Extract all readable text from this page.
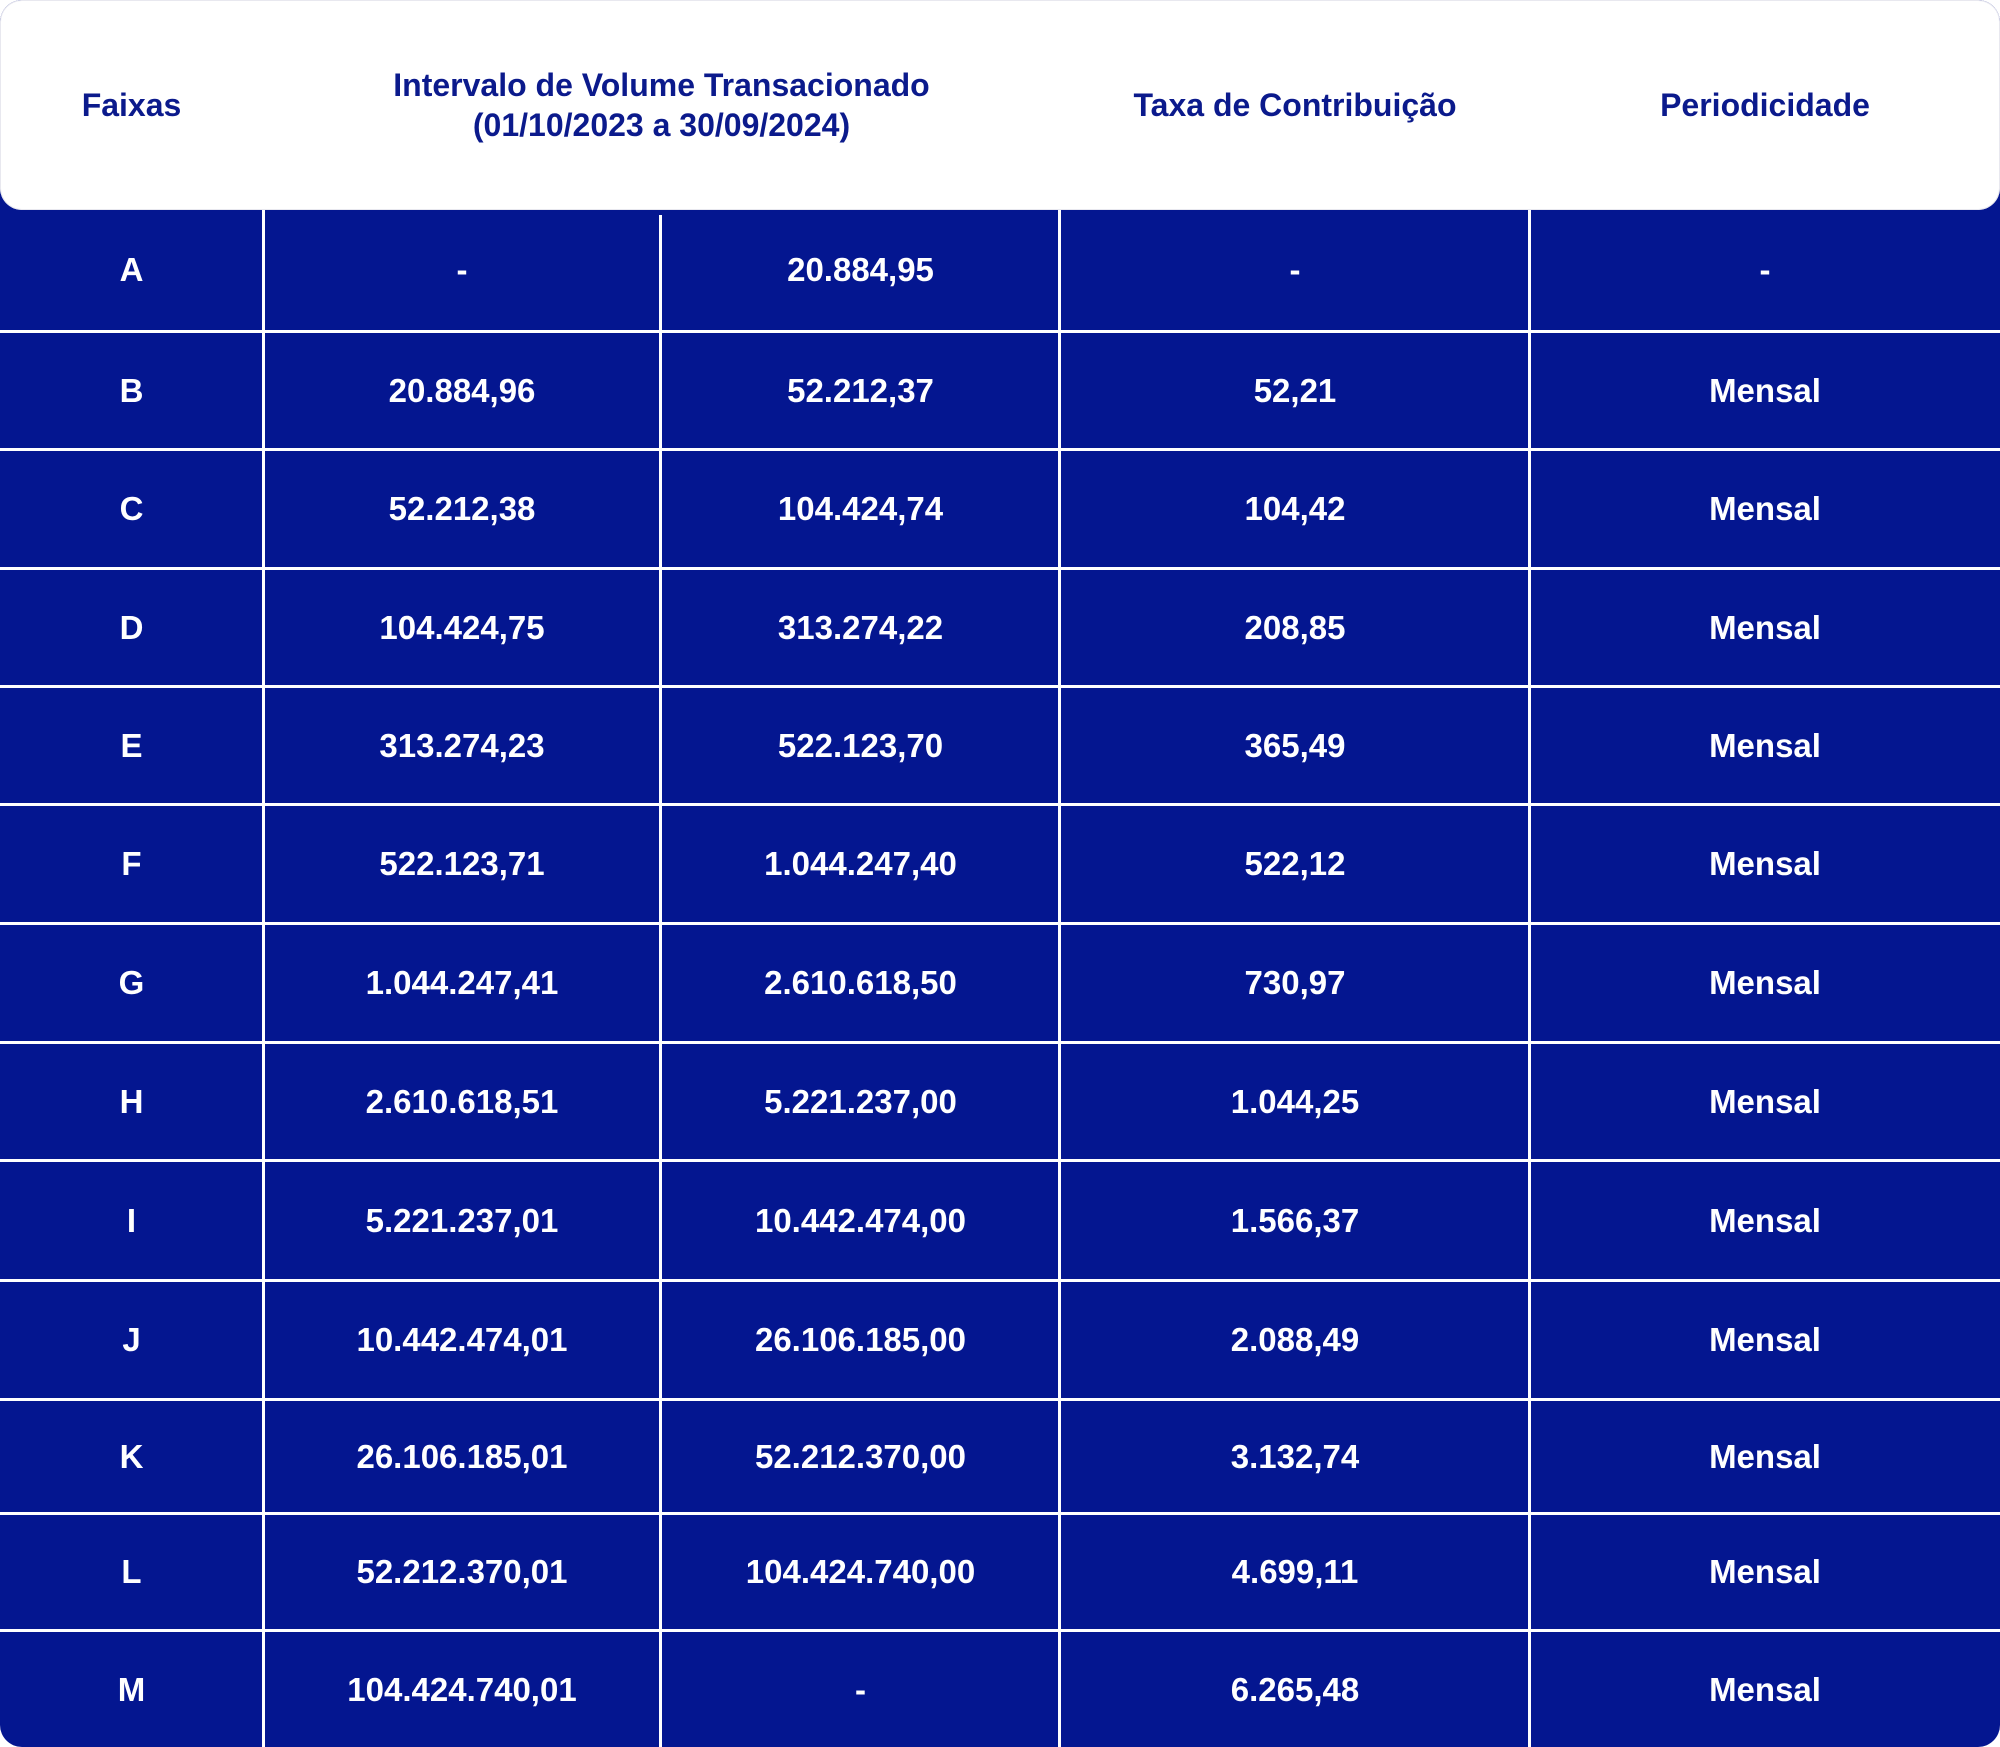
Faixas
Intervalo de Volume Transacionado
(01/10/2023 a 30/09/2024)
Taxa de Contribuição	Periodicidade
A	-	20.884,95	-	-
B	20.884,96	52.212,37	52,21	Mensal
C	52.212,38	104.424,74	104,42	Mensal
D	104.424,75	313.274,22	208,85	Mensal
E	313.274,23	522.123,70	365,49	Mensal
F	522.123,71	1.044.247,40	522,12	Mensal
G	1.044.247,41	2.610.618,50	730,97	Mensal
H	2.610.618,51	5.221.237,00	1.044,25	Mensal
I	5.221.237,01	10.442.474,00	1.566,37	Mensal
J	10.442.474,01	26.106.185,00	2.088,49	Mensal
K	26.106.185,01	52.212.370,00	3.132,74	Mensal
L	52.212.370,01	104.424.740,00	4.699,11	Mensal
M	104.424.740,01	-	6.265,48	Mensal
